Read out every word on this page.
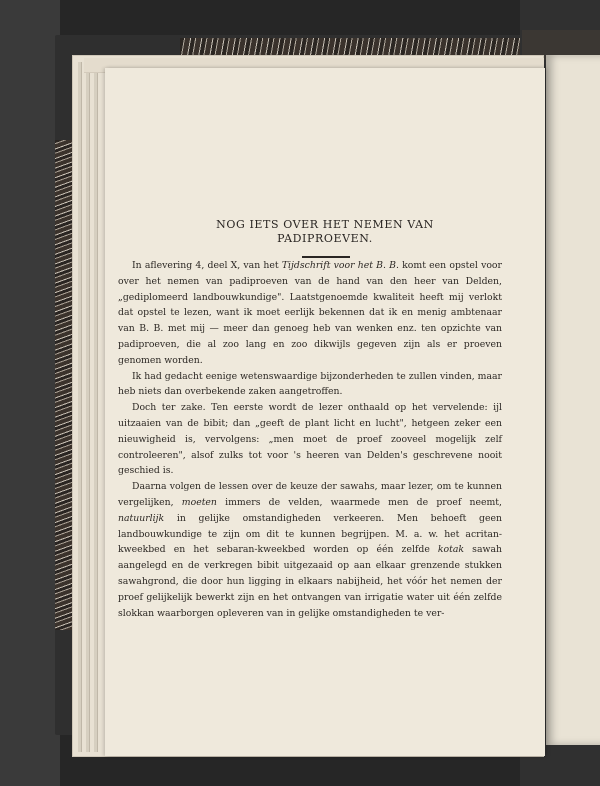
NOG IETS OVER HET NEMEN VAN
PADIPROEVEN.

In aflevering 4, deel X, van het Tijdschrift voor het B. B. komt een opstel voor over het nemen van padiproeven van de hand van den heer van Delden, „gediplomeerd landbouwkundige". Laatstgenoemde kwaliteit heeft mij verlokt dat opstel te lezen, want ik moet eerlijk bekennen dat ik en menig ambtenaar van B. B. met mij — meer dan genoeg heb van wenken enz. ten opzichte van padiproeven, die al zoo lang en zoo dikwijls gegeven zijn als er proeven genomen worden.

Ik had gedacht eenige wetenswaardige bijzonderheden te zullen vinden, maar heb niets dan overbekende zaken aangetroffen.

Doch ter zake. Ten eerste wordt de lezer onthaald op het vervelende: ijl uitzaaien van de bibit; dan „geeft de plant licht en lucht", hetgeen zeker een nieuwigheid is, vervolgens: „men moet de proef zooveel mogelijk zelf controleeren", alsof zulks tot voor 's heeren van Delden's geschrevene nooit geschied is.

Daarna volgen de lessen over de keuze der sawahs, maar lezer, om te kunnen vergelijken, moeten immers de velden, waarmede men de proef neemt, natuurlijk in gelijke omstandigheden verkeeren. Men behoeft geen landbouwkundige te zijn om dit te kunnen begrijpen. M. a. w. het acritan-kweekbed en het sebaran-kweekbed worden op één zelfde kotak sawah aangelegd en de verkregen bibit uitgezaaid op aan elkaar grenzende stukken sawahgrond, die door hun ligging in elkaars nabijheid, het vóór het nemen der proef gelijkelijk bewerkt zijn en het ontvangen van irrigatie water uit één zelfde slokkan waarborgen opleveren van in gelijke omstandigheden te ver-
